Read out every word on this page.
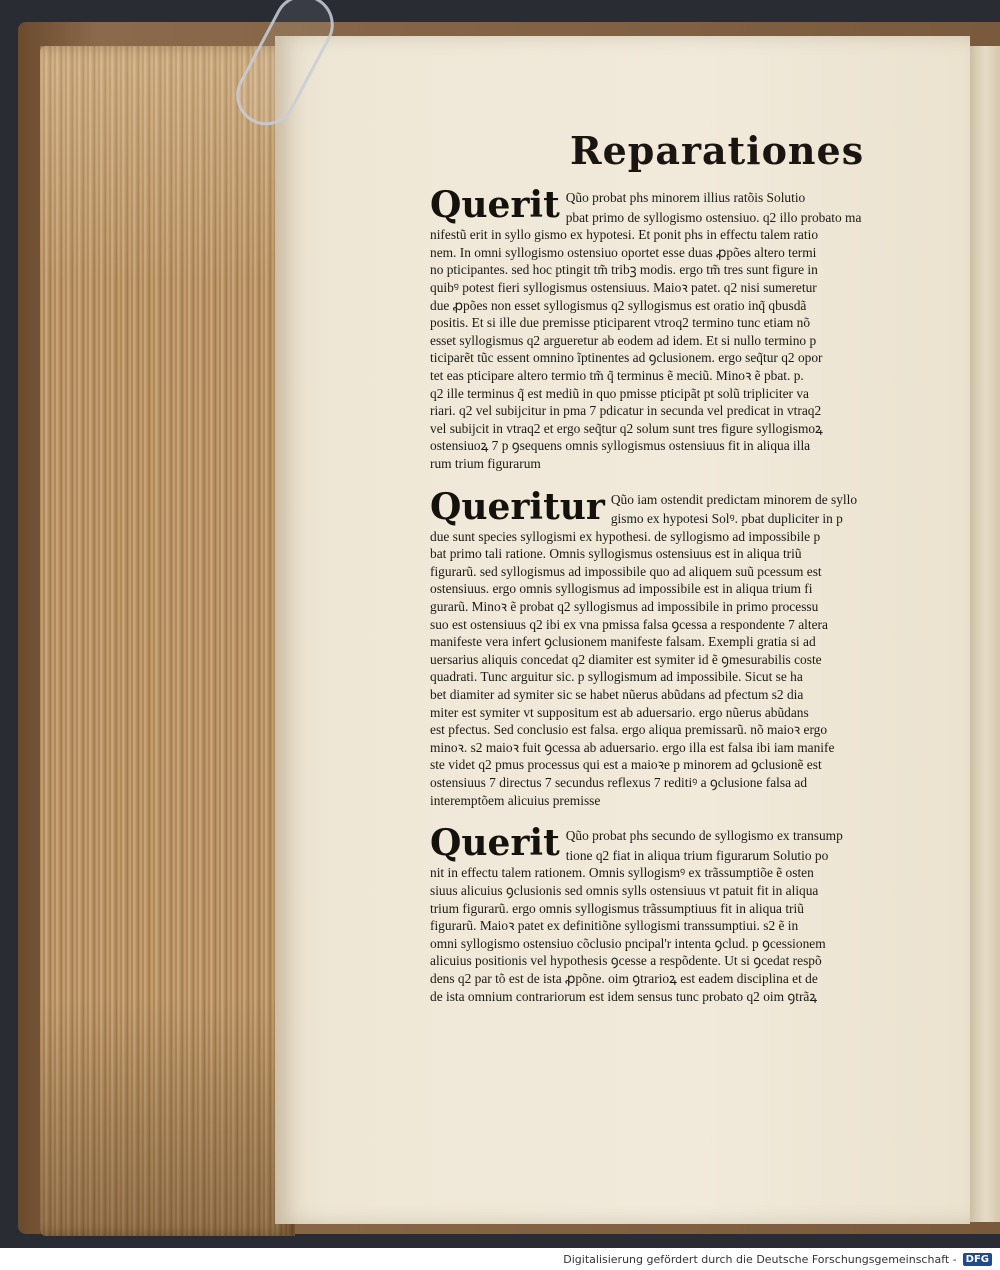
Reparationes
Querit Qũo probat phs minorem illius ratõis Solutio
pbat primo de syllogismo ostensiuo. q2 illo probato ma
nifestũ erit in syllo gismo ex hypotesi. Et ponit phs in effectu talem ratio
nem. In omni syllogismo ostensiuo oportet esse duas ꝓpões altero termi
no pticipantes. sed hoc ptingit tm̃ tribꝫ modis. ergo tm̃ tres sunt figure in
quibꝰ potest fieri syllogismus ostensiuus. Maioꝛ patet. q2 nisi sumeretur
due ꝓpões non esset syllogismus q2 syllogismus est oratio inq̃ qbusdã
positis. Et si ille due premisse pticiparent vtroq2 termino tunc etiam nõ
esset syllogismus q2 argueretur ab eodem ad idem. Et si nullo termino p
ticiparẽt tũc essent omnino ĩptinentes ad ꝯclusionem. ergo seq̃tur q2 opor
tet eas pticipare altero termio tm̃ q̃ terminus ẽ meciũ. Minoꝛ ẽ pbat. p.
q2 ille terminus q̃ est mediũ in quo pmisse pticipãt pt solũ tripliciter va
riari. q2 vel subijcitur in pma 7 pdicatur in secunda vel predicat in vtraq2
vel subijcit in vtraq2 et ergo seq̃tur q2 solum sunt tres figure syllogismoꝝ
ostensiuoꝝ 7 p ꝯsequens omnis syllogismus ostensiuus fit in aliqua illa
rum trium figurarum
Queritur Qũo iam ostendit predictam minorem de syllo
gismo ex hypotesi Solꝰ. pbat dupliciter in p
due sunt species syllogismi ex hypothesi. de syllogismo ad impossibile p
bat primo tali ratione. Omnis syllogismus ostensiuus est in aliqua triũ
figurarũ. sed syllogismus ad impossibile quo ad aliquem suũ pcessum est
ostensiuus. ergo omnis syllogismus ad impossibile est in aliqua trium fi
gurarũ. Minoꝛ ẽ probat q2 syllogismus ad impossibile in primo processu
suo est ostensiuus q2 ibi ex vna pmissa falsa ꝯcessa a respondente 7 altera
manifeste vera infert ꝯclusionem manifeste falsam. Exempli gratia si ad
uersarius aliquis concedat q2 diamiter est symiter id ẽ ꝯmesurabilis coste
quadrati. Tunc arguitur sic. p syllogismum ad impossibile. Sicut se ha
bet diamiter ad symiter sic se habet nũerus abũdans ad pfectum s2 dia
miter est symiter vt suppositum est ab aduersario. ergo nũerus abũdans
est pfectus. Sed conclusio est falsa. ergo aliqua premissarũ. nõ maioꝛ ergo
minoꝛ. s2 maioꝛ fuit ꝯcessa ab aduersario. ergo illa est falsa ibi iam manife
ste videt q2 pmus processus qui est a maioꝛe p minorem ad ꝯclusionẽ est
ostensiuus 7 directus 7 secundus reflexus 7 reditiꝰ a ꝯclusione falsa ad
interemptõem alicuius premisse
Querit Qũo probat phs secundo de syllogismo ex transump
tione q2 fiat in aliqua trium figurarum Solutio po
nit in effectu talem rationem. Omnis syllogismꝰ ex trãssumptiõe ẽ osten
siuus alicuius ꝯclusionis sed omnis sylls ostensiuus vt patuit fit in aliqua
trium figurarũ. ergo omnis syllogismus trãssumptiuus fit in aliqua triũ
figurarũ. Maioꝛ patet ex definitiõne syllogismi transsumptiui. s2 ẽ in
omni syllogismo ostensiuo cõclusio pncipal'r intenta ꝯclud. p ꝯcessionem
alicuius positionis vel hypothesis ꝯcesse a respõdente. Ut si ꝯcedat respõ
dens q2 par tõ est de ista ꝓpõne. oim ꝯtrarioꝝ est eadem disciplina et de
de ista omnium contrariorum est idem sensus tunc probato q2 oim ꝯtrãꝝ
Digitalisierung gefördert durch die Deutsche Forschungsgemeinschaft - DFG
